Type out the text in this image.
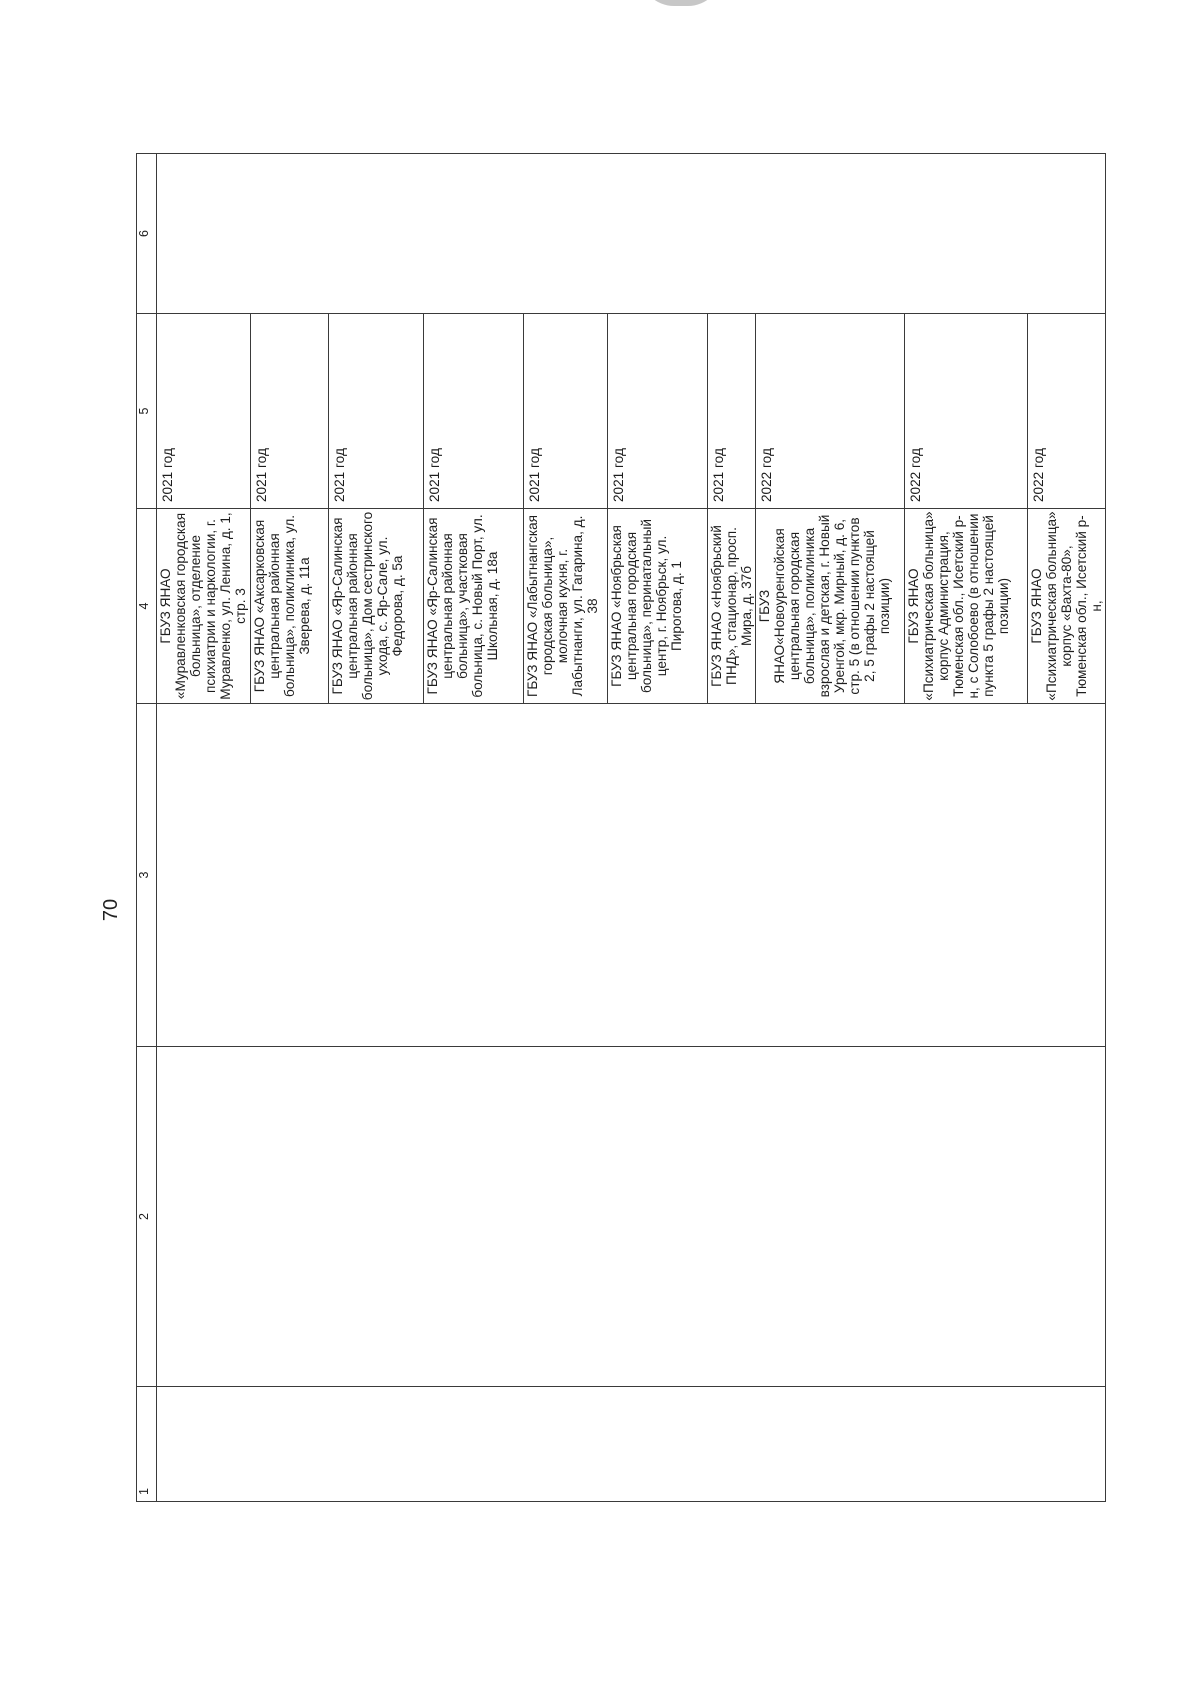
70
1	2	3	4	5	6
			ГБУЗ ЯНАО «Муравленковская городская больница», отделение психиатрии и наркологии, г. Муравленко, ул. Ленина, д. 1, стр. 3	2021 год	
			ГБУЗ ЯНАО «Аксарковская центральная районная больница», поликлиника, ул. Зверева, д. 11а	2021 год	
			ГБУЗ ЯНАО «Яр-Салинская центральная районная больница», Дом сестринского ухода, с. Яр-Сале, ул. Федорова, д. 5а	2021 год	
			ГБУЗ ЯНАО «Яр-Салинская центральная районная больница», участковая больница, с. Новый Порт, ул. Школьная, д. 18а	2021 год	
			ГБУЗ ЯНАО «Лабытнангская городская больница», молочная кухня, г. Лабытнанги, ул. Гагарина, д. 38	2021 год	
			ГБУЗ ЯНАО «Ноябрьская центральная городская больница», перинатальный центр, г. Ноябрьск, ул. Пирогова, д. 1	2021 год	
			ГБУЗ ЯНАО «Ноябрьский ПНД», стационар, просп. Мира, д. 37б	2021 год	
			ГБУЗ ЯНАО«Новоуренгойская центральная городская больница», поликлиника взрослая и детская, г. Новый Уренгой, мкр. Мирный, д. 6, стр. 5 (в отношении пунктов 2, 5 графы 2 настоящей позиции)	2022 год	
			ГБУЗ ЯНАО «Психиатрическая больница» корпус Администрация, Тюменская обл., Исетский р-н, с Солобоево (в отношении пункта 5 графы 2 настоящей позиции)	2022 год	
			ГБУЗ ЯНАО «Психиатрическая больница» корпус «Вахта-80», Тюменская обл., Исетский р-н,	2022 год	
